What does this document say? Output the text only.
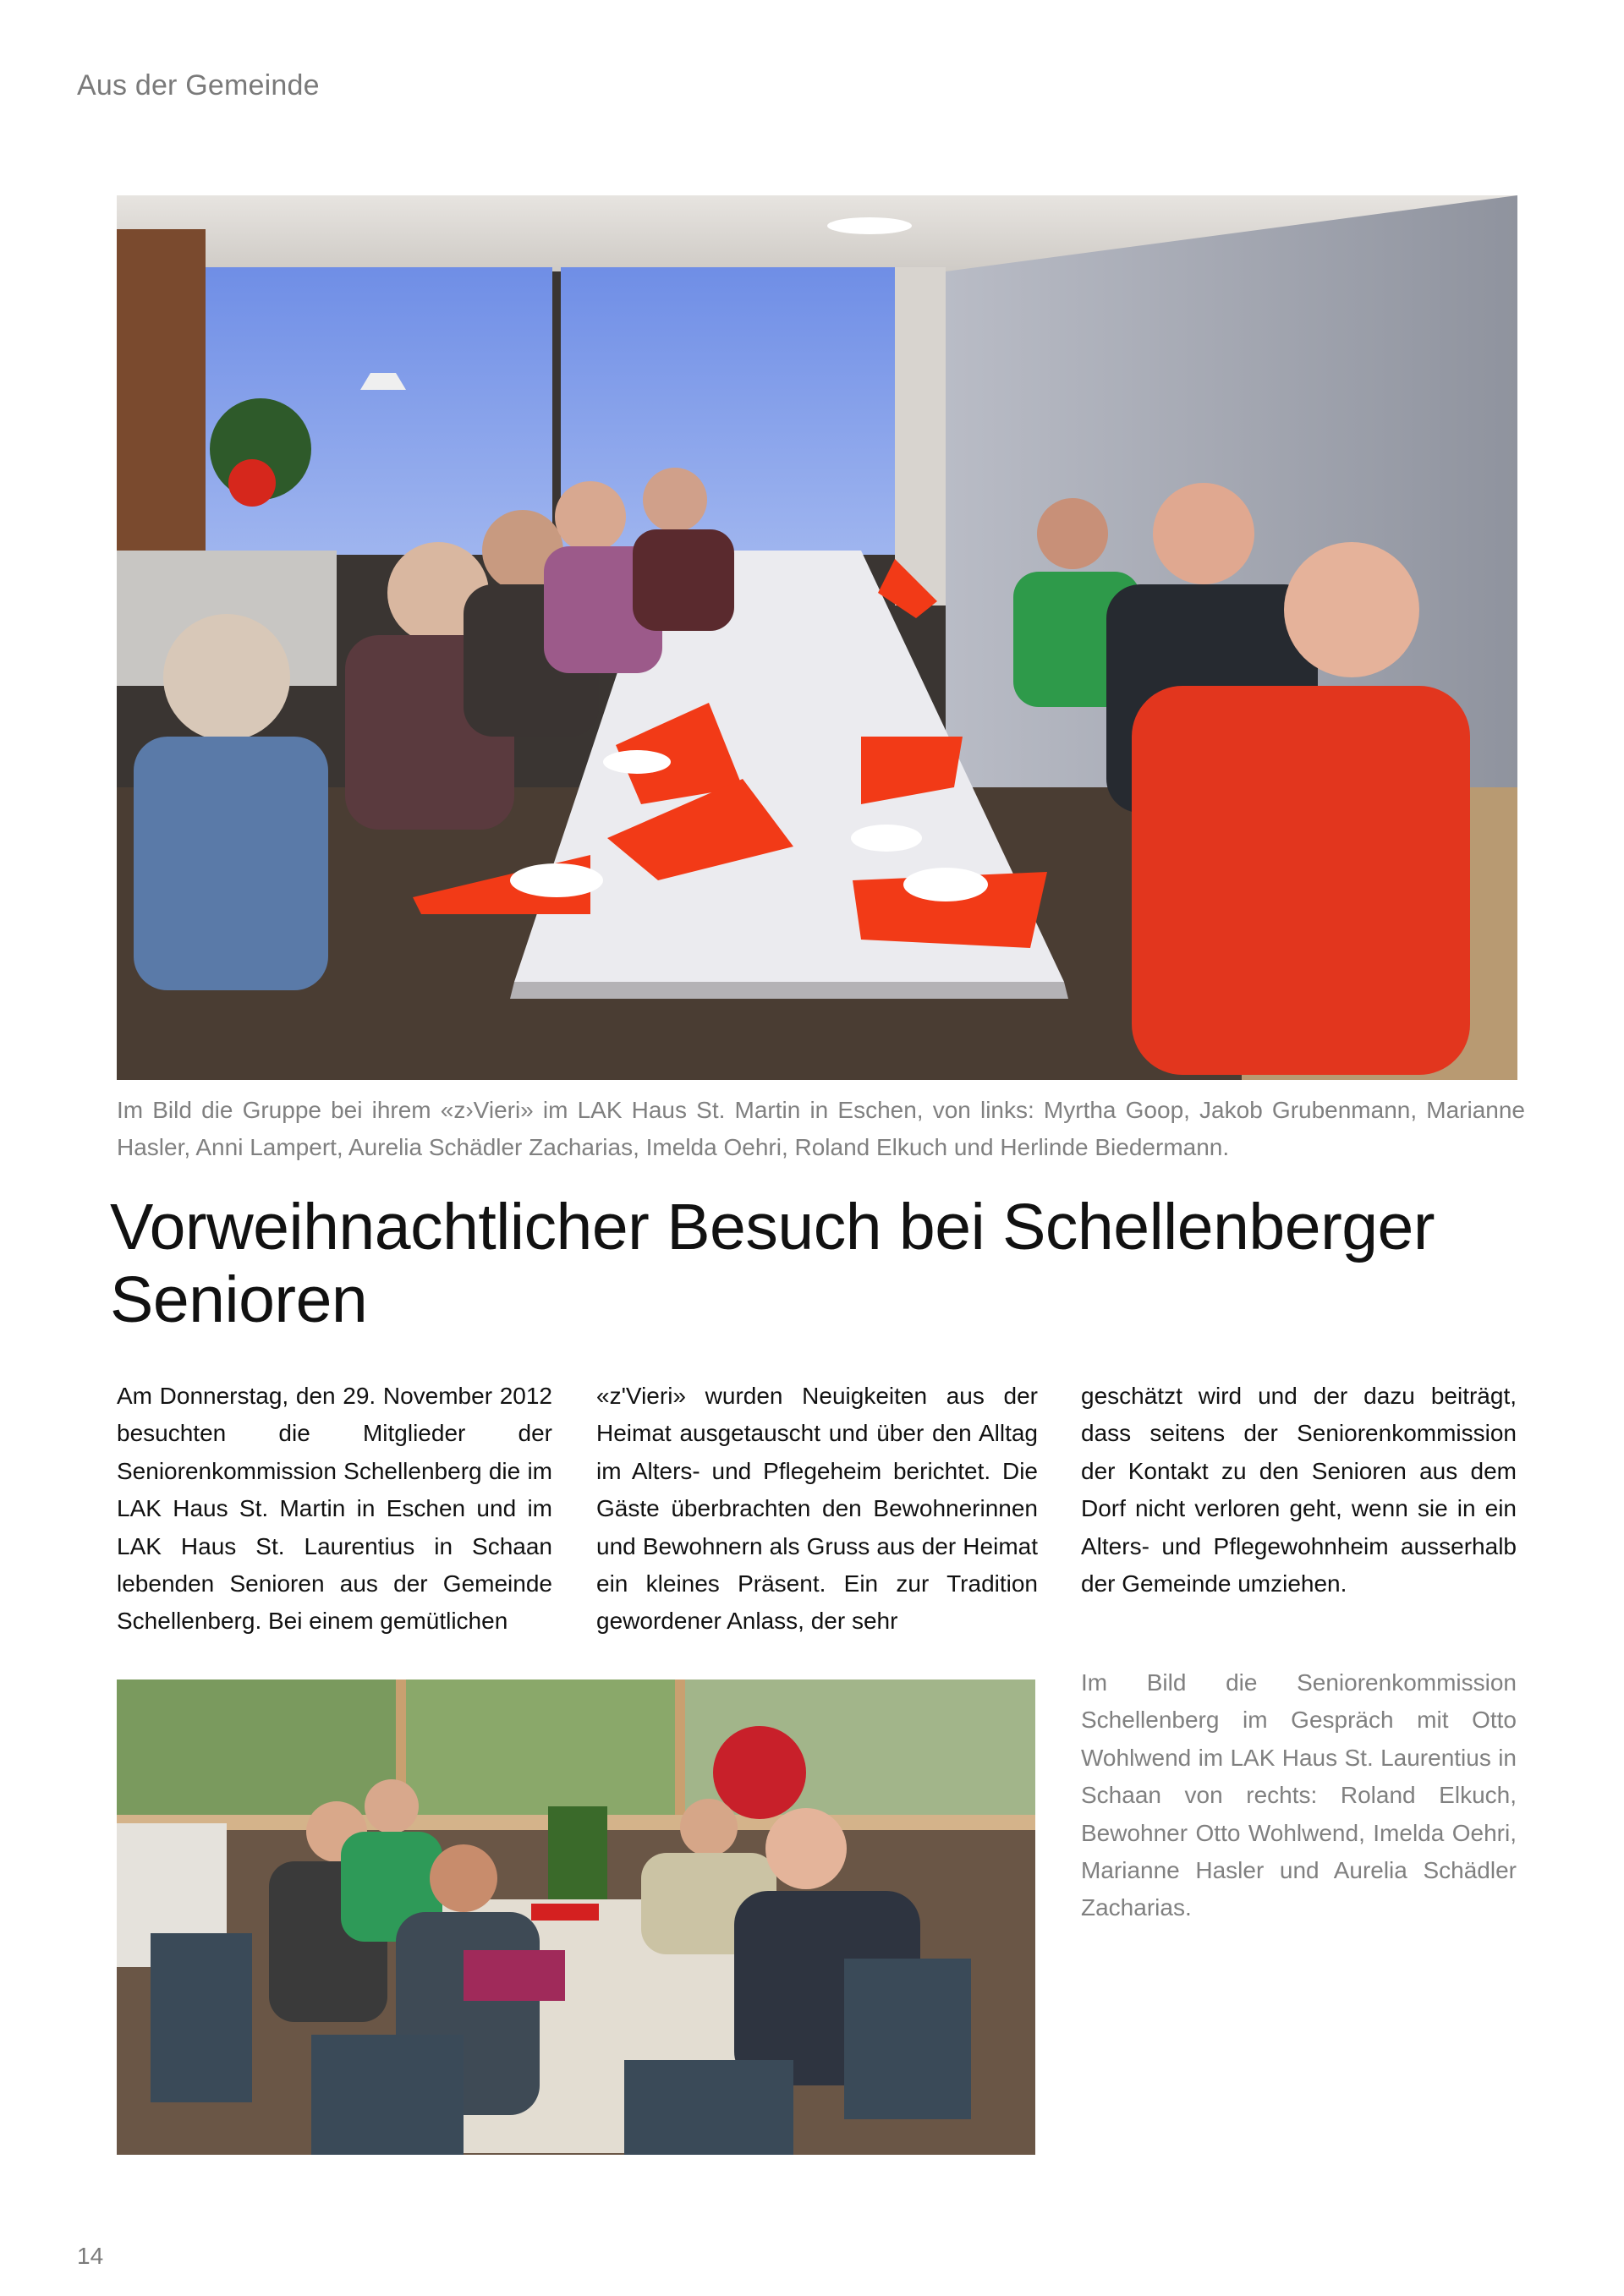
Aus der Gemeinde
Im Bild die Gruppe bei ihrem «z›Vieri» im LAK Haus St. Martin in Eschen, von links: Myrtha Goop, Jakob Grubenmann, Marianne Hasler, Anni Lampert, Aurelia Schädler Zacharias, Imelda Oehri, Roland Elkuch und Herlinde Biedermann.
Vorweihnachtlicher Besuch bei Schellenberger Senioren
Am Donnerstag, den 29. November 2012 besuchten die Mitglieder der Seniorenkommission Schellenberg die im LAK Haus St. Martin in Eschen und im LAK Haus St. Laurentius in Schaan lebenden Senioren aus der Gemeinde Schellenberg. Bei einem gemütlichen
«z'Vieri» wurden Neuigkeiten aus der Heimat ausgetauscht und über den Alltag im Alters- und Pflegeheim berichtet. Die Gäste überbrachten den Bewohnerinnen und Bewohnern als Gruss aus der Heimat ein kleines Präsent. Ein zur Tradition gewordener Anlass, der sehr
geschätzt wird und der dazu beiträgt, dass seitens der Seniorenkommission der Kontakt zu den Senioren aus dem Dorf nicht verloren geht, wenn sie in ein Alters- und Pflegewohnheim ausserhalb der Gemeinde umziehen.
Im Bild die Seniorenkommission Schellenberg im Gespräch mit Otto Wohlwend im LAK Haus St. Laurentius in Schaan von rechts: Roland Elkuch, Bewohner Otto Wohlwend, Imelda Oehri, Marianne Hasler und Aurelia Schädler Zacharias.
14
